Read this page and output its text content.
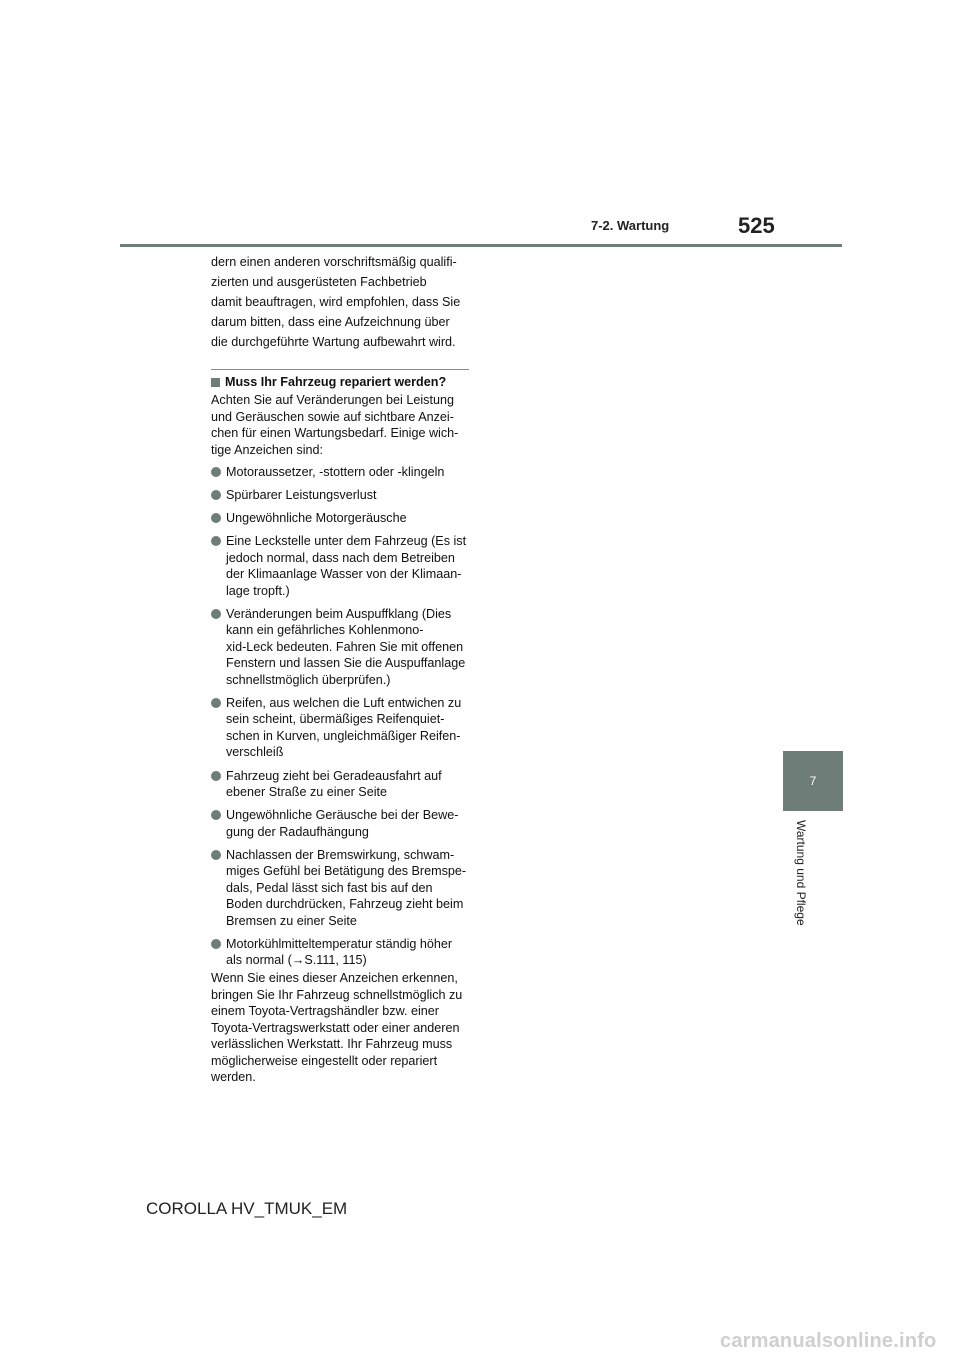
7-2. Wartung	525
dern einen anderen vorschriftsmäßig qualifi-
zierten und ausgerüsteten Fachbetrieb
damit beauftragen, wird empfohlen, dass Sie
darum bitten, dass eine Aufzeichnung über
die durchgeführte Wartung aufbewahrt wird.
Muss Ihr Fahrzeug repariert werden?
Achten Sie auf Veränderungen bei Leistung
und Geräuschen sowie auf sichtbare Anzei-
chen für einen Wartungsbedarf. Einige wich-
tige Anzeichen sind:
Motoraussetzer, -stottern oder -klingeln
Spürbarer Leistungsverlust
Ungewöhnliche Motorgeräusche
Eine Leckstelle unter dem Fahrzeug (Es ist
jedoch normal, dass nach dem Betreiben
der Klimaanlage Wasser von der Klimaan-
lage tropft.)
Veränderungen beim Auspuffklang (Dies
kann ein gefährliches Kohlenmono-
xid-Leck bedeuten. Fahren Sie mit offenen
Fenstern und lassen Sie die Auspuffanlage
schnellstmöglich überprüfen.)
Reifen, aus welchen die Luft entwichen zu
sein scheint, übermäßiges Reifenquiet-
schen in Kurven, ungleichmäßiger Reifen-
verschleiß
Fahrzeug zieht bei Geradeausfahrt auf
ebener Straße zu einer Seite
Ungewöhnliche Geräusche bei der Bewe-
gung der Radaufhängung
Nachlassen der Bremswirkung, schwam-
miges Gefühl bei Betätigung des Bremspe-
dals, Pedal lässt sich fast bis auf den
Boden durchdrücken, Fahrzeug zieht beim
Bremsen zu einer Seite
Motorkühlmitteltemperatur ständig höher
als normal (→S.111, 115)
Wenn Sie eines dieser Anzeichen erkennen,
bringen Sie Ihr Fahrzeug schnellstmöglich zu
einem Toyota-Vertragshändler bzw. einer
Toyota-Vertragswerkstatt oder einer anderen
verlässlichen Werkstatt. Ihr Fahrzeug muss
möglicherweise eingestellt oder repariert
werden.
7
Wartung und Pflege
COROLLA HV_TMUK_EM
carmanualsonline.info
